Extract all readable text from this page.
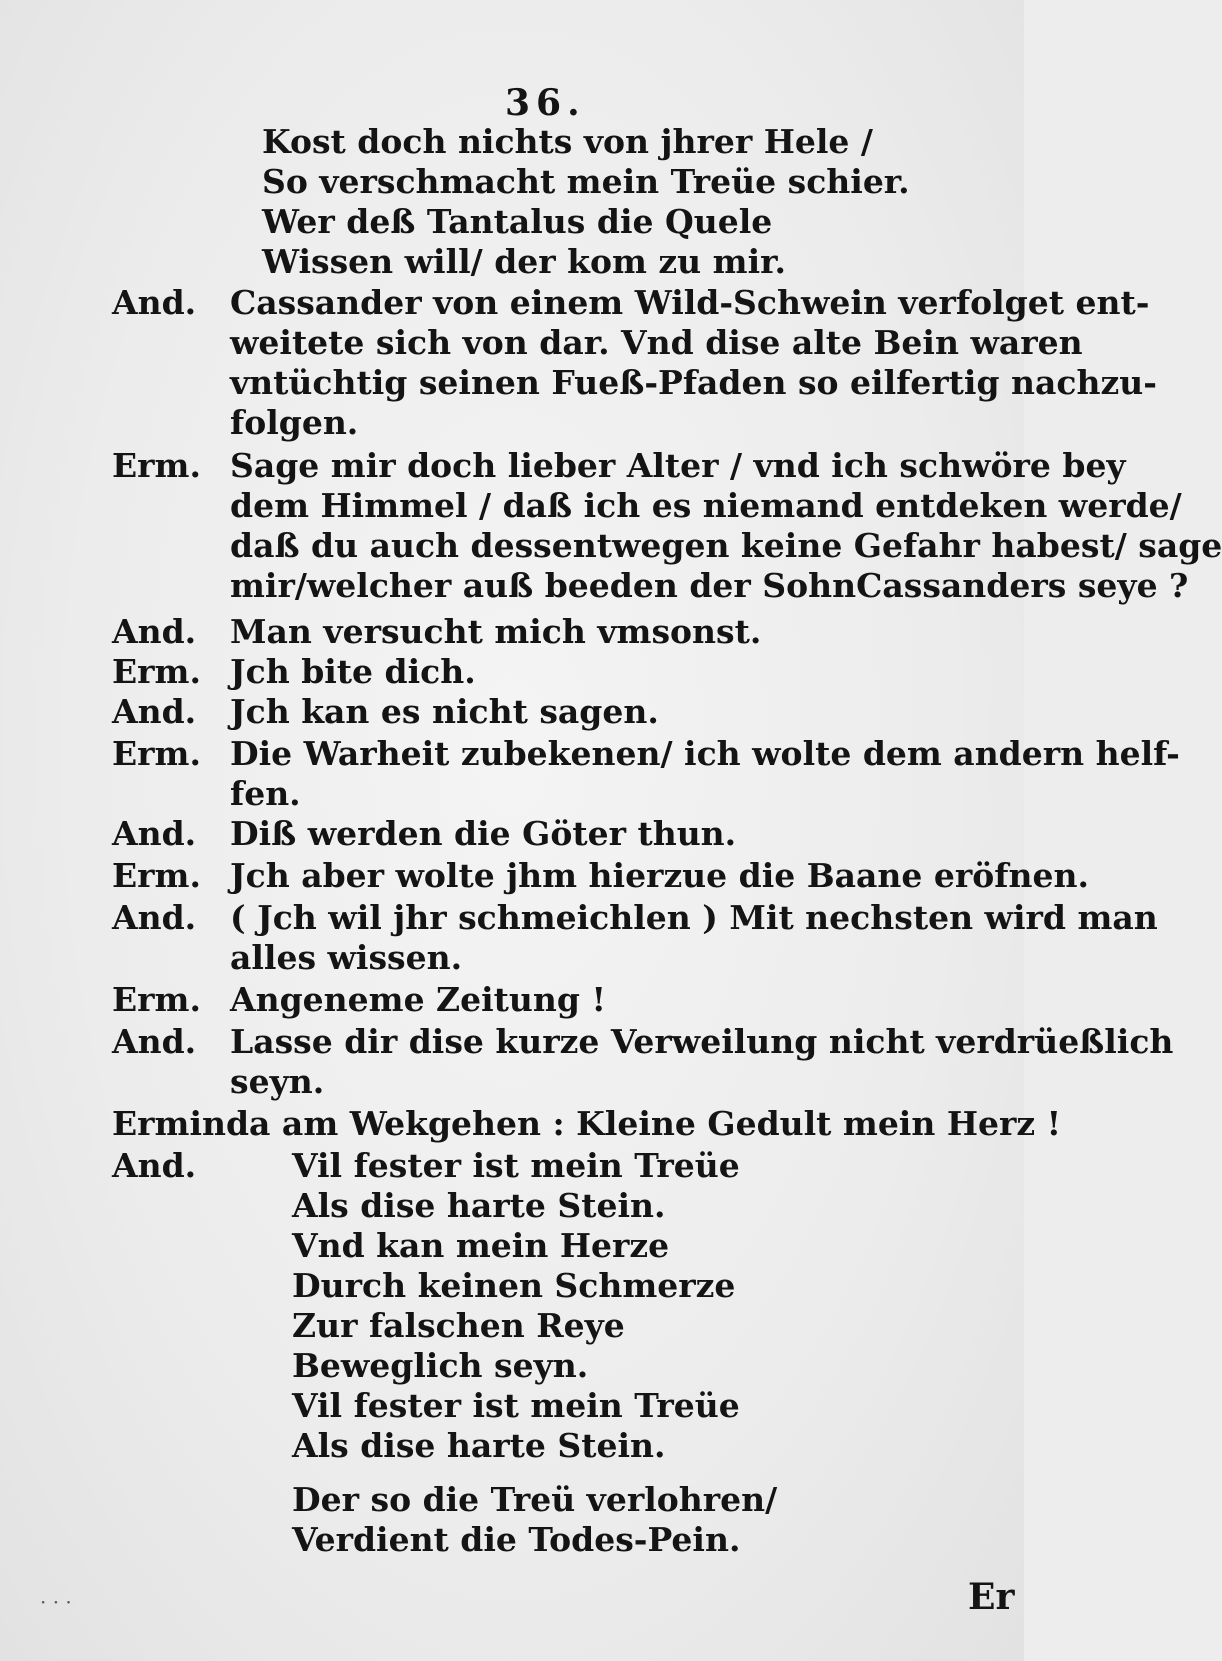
36.
Kost doch nichts von jhrer Hele /
So verschmacht mein Treüe schier.
Wer deß Tantalus die Quele
Wissen will/ der kom zu mir.
And. Cassander von einem Wild-Schwein verfolget ent-
weitete sich von dar. Vnd dise alte Bein waren
vntüchtig seinen Fueß-Pfaden so eilfertig nachzu-
folgen.
Erm. Sage mir doch lieber Alter / vnd ich schwöre bey
dem Himmel / daß ich es niemand entdeken werde/
daß du auch dessentwegen keine Gefahr habest/ sage
mir/welcher auß beeden der SohnCassanders seye ?
And. Man versucht mich vmsonst.
Erm. Jch bite dich.
And. Jch kan es nicht sagen.
Erm. Die Warheit zubekenen/ ich wolte dem andern helf-
fen.
And. Diß werden die Göter thun.
Erm. Jch aber wolte jhm hierzue die Baane eröfnen.
And. ( Jch wil jhr schmeichlen ) Mit nechsten wird man
alles wissen.
Erm. Angeneme Zeitung !
And. Lasse dir dise kurze Verweilung nicht verdrüeßlich
seyn.
Erminda am Wekgehen : Kleine Gedult mein Herz !
And.	Vil fester ist mein Treüe
Als dise harte Stein.
Vnd kan mein Herze
Durch keinen Schmerze
Zur falschen Reye
Beweglich seyn.
Vil fester ist mein Treüe
Als dise harte Stein.
Der so die Treü verlohren/
Verdient die Todes-Pein.
Er
· · ·
